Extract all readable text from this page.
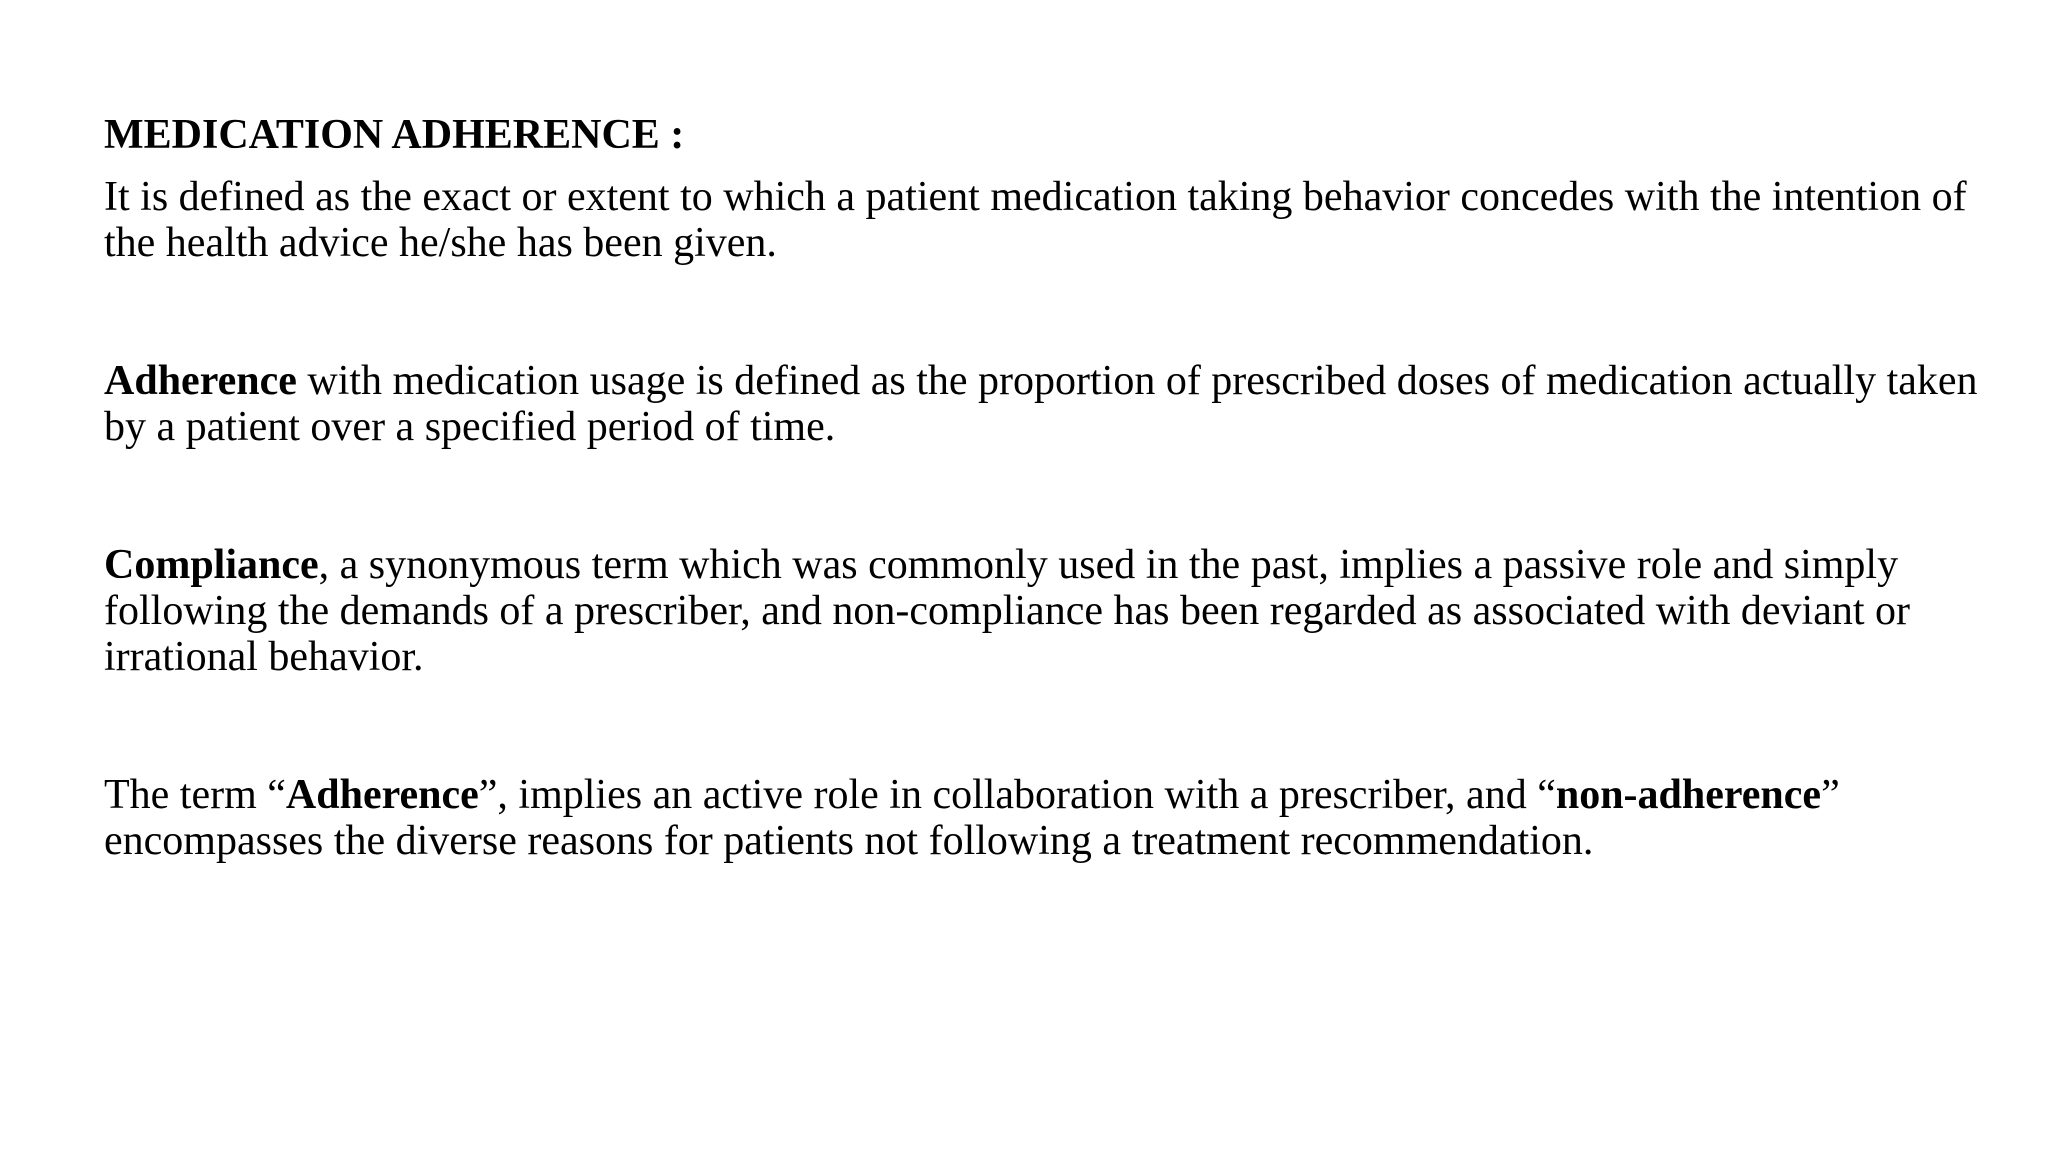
MEDICATION ADHERENCE :

It is defined as the exact or extent to which a patient medication taking behavior concedes with the intention of the health advice he/she has been given.

Adherence with medication usage is defined as the proportion of prescribed doses of medication actually taken by a patient over a specified period of time.

Compliance, a synonymous term which was commonly used in the past, implies a passive role and simply following the demands of a prescriber, and non-compliance has been regarded as associated with deviant or irrational behavior.

The term “Adherence”, implies an active role in collaboration with a prescriber, and “non-adherence” encompasses the diverse reasons for patients not following a treatment recommendation.
